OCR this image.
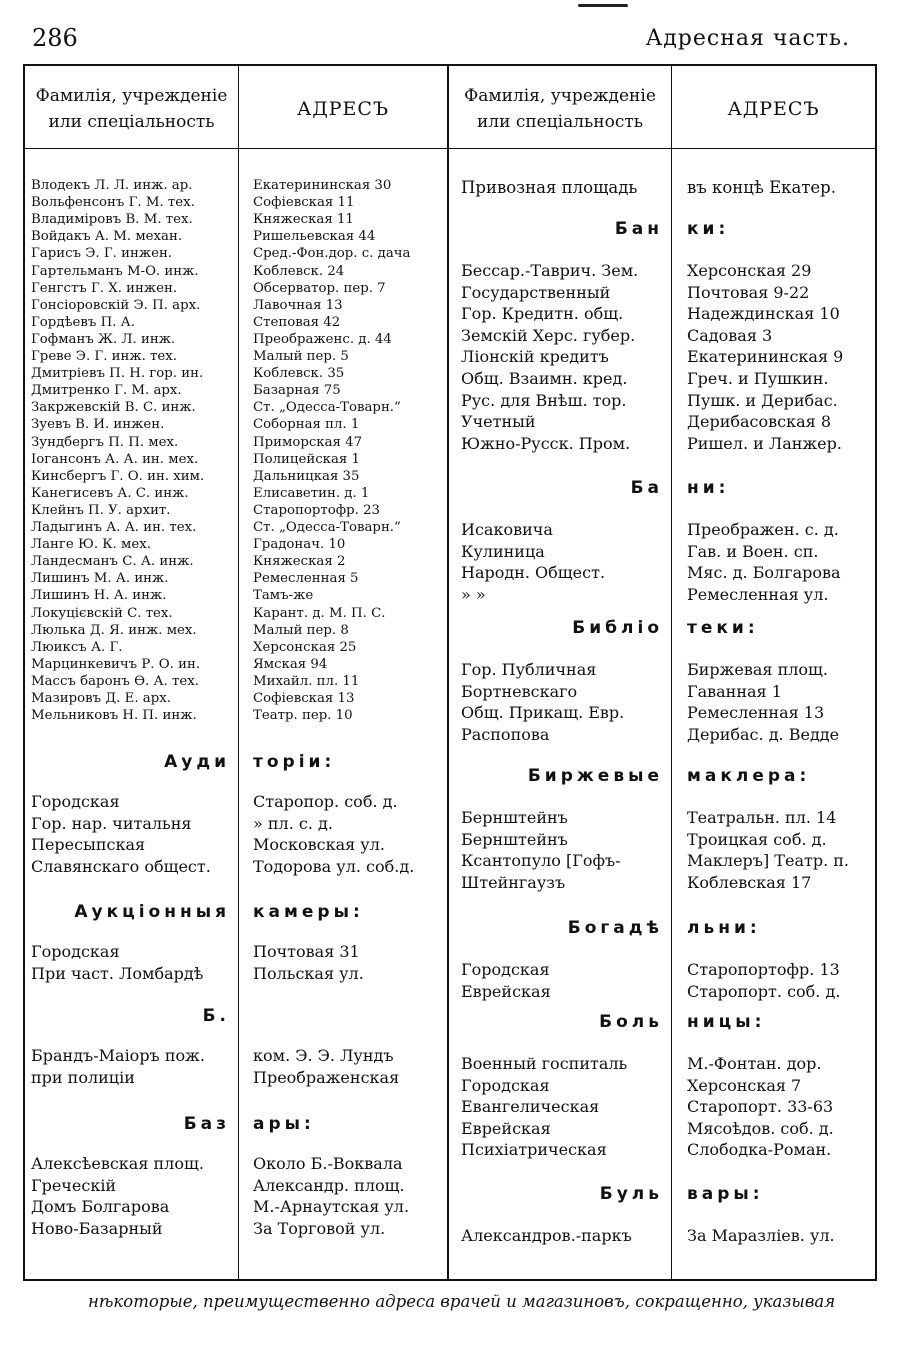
286	Адресная часть.
Фамилія, учрежденіе или спеціальность
АДРЕСЪ
Фамилія, учрежденіе или спеціальность
АДРЕСЪ
Влодекъ Л. Л. инж. ар.	Екатерининская 30
Вольфенсонъ Г. М. тех.	Софіевская 11
Владиміровъ В. М. тех.	Княжеская 11
Войдакъ А. М. механ.	Ришельевская 44
Гарисъ Э. Г. инжен.	Сред.-Фон.дор. с. дача
Гартельманъ М-О. инж.	Коблевск. 24
Генгстъ Г. Х. инжен.	Обсерватор. пер. 7
Гонсіоровскій Э. П. арх.	Лавочная 13
Гордѣевъ П. А.	Степовая 42
Гофманъ Ж. Л. инж.	Преображенс. д. 44
Греве Э. Г. инж. тех.	Малый пер. 5
Дмитріевъ П. Н. гор. ин.	Коблевск. 35
Дмитренко Г. М. арх.	Базарная 75
Закржевскій В. С. инж.	Ст. „Одесса-Товарн.“
Зуевъ В. И. инжен.	Соборная пл. 1
Зундбергъ П. П. мех.	Приморская 47
Іогансонъ А. А. ин. мех.	Полицейская 1
Кинсбергъ Г. О. ин. хим.	Дальницкая 35
Канегисевъ А. С. инж.	Елисаветин. д. 1
Клейнъ П. У. архит.	Старопортофр. 23
Ладыгинъ А. А. ин. тех.	Ст. „Одесса-Товарн.“
Ланге Ю. К. мех.	Градонач. 10
Ландесманъ С. А. инж.	Княжеская 2
Лишинъ М. А. инж.	Ремесленная 5
Лишинъ Н. А. инж.	Тамъ-же
Локуцієвскій С. тех.	Карант. д. М. П. С.
Люлька Д. Я. инж. мех.	Малый пер. 8
Люиксъ А. Г.	Херсонская 25
Марцинкевичъ Р. О. ин.	Ямская 94
Массъ баронъ Ѳ. А. тех.	Михайл. пл. 11
Мазировъ Д. Е. арх.	Софіевская 13
Мельниковъ Н. П. инж.	Театр. пер. 10
Ауди торіи:
Городская	Старопор. соб. д.
Гор. нар. читальня	» пл. с. д.
Пересыпская	Московская ул.
Славянскаго общест.	Тодорова ул. соб.д.
Аукціонныя камеры:
Городская	Почтовая 31
При част. Ломбардѣ	Польская ул.
Б.
Брандъ-Маіоръ пож.	ком. Э. Э. Лундъ
при полиціи	Преображенская
Баз ары:
Алексѣевская площ.	Около Б.-Воквала
Греческій	Александр. площ.
Домъ Болгарова	М.-Арнаутская ул.
Ново-Базарный	За Торговой ул.
Привозная площадь	въ концѣ Екатер.
Бан ки:
Бессар.-Таврич. Зем.	Херсонская 29
Государственный	Почтовая 9-22
Гор. Кредитн. общ.	Надеждинская 10
Земскій Херс. губер.	Садовая 3
Ліонскій кредитъ	Екатерининская 9
Общ. Взаимн. кред.	Греч. и Пушкин.
Рус. для Внѣш. тор.	Пушк. и Дерибас.
Учетный	Дерибасовская 8
Южно-Русск. Пром.	Ришел. и Ланжер.
Ба ни:
Исаковича	Преображен. с. д.
Кулиница	Гав. и Воен. сп.
Народн. Общест.	Мяс. д. Болгарова
» »	Ремесленная ул.
Библіо теки:
Гор. Публичная	Биржевая площ.
Бортневскаго	Гаванная 1
Общ. Прикащ. Евр.	Ремесленная 13
Распопова	Дерибас. д. Ведде
Биржевые маклера:
Бернштейнъ	Театральн. пл. 14
Бернштейнъ	Троицкая соб. д.
Ксантопуло [Гофъ-	Маклеръ] Театр. п.
Штейнгаузъ	Коблевская 17
Богадѣ льни:
Городская	Старопортофр. 13
Еврейская	Старопорт. соб. д.
Боль ницы:
Военный госпиталь	М.-Фонтан. дор.
Городская	Херсонская 7
Евангелическая	Старопорт. 33-63
Еврейская	Мясоѣдов. соб. д.
Психіатрическая	Слободка-Роман.
Буль вары:
Александров.-паркъ	За Маразліев. ул.
нѣкоторые, преимущественно адреса врачей и магазиновъ, сокращенно, указывая
